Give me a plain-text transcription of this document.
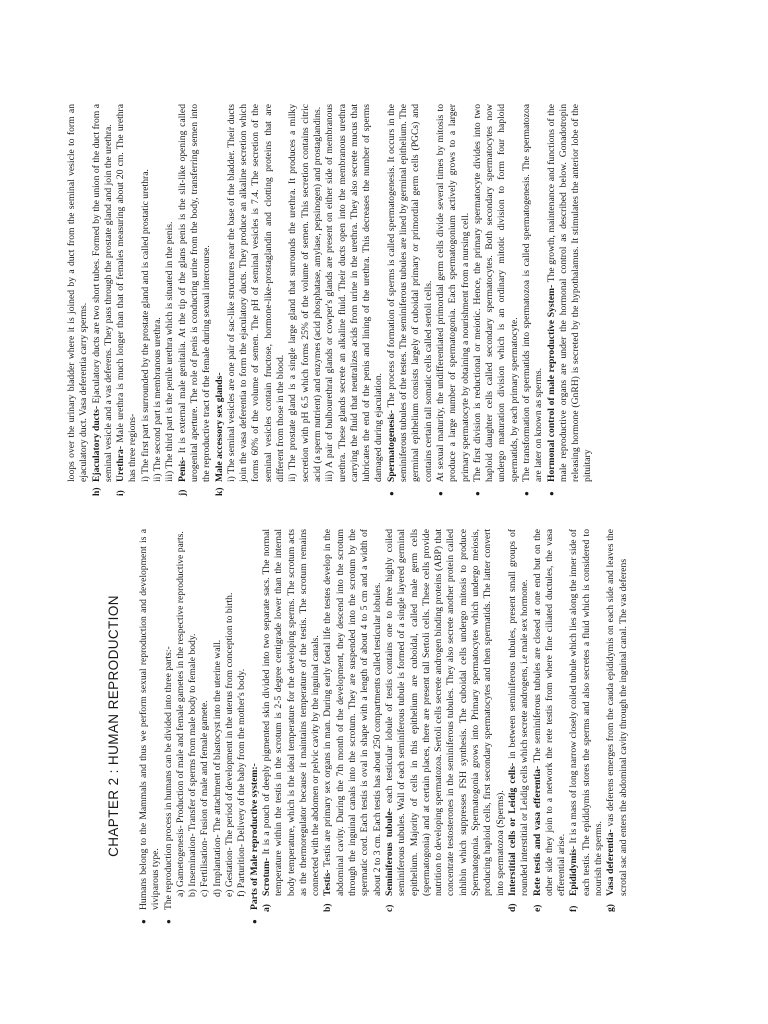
CHAPTER 2 : HUMAN REPRODUCTION ● Humans belong to the Mammals and thus we perform sexual reproduction and development is a viviparous type. ● The reproduction process in humans can be divided into three parts:- a) Gametogenesis- Production of male and female gametes in the respective reproductive parts. b) Insemination- Transfer of sperms from male body to female body. c) Fertilisation- Fusion of male and female gamete. d) Implantation- The attachment of blastocyst into the uterine wall. e) Gestation- The period of development in the uterus from conception to birth. f) Parturition- Delivery of the baby from the mother's body. ● Parts of Male reproductive system:- a)
Scrotum- It is a pouch of deeply pigmented skin divided into two separate sacs. The normal temperature within the testis in the scrotum is 2-5 degree centigrade lower than the internal body temperature, which is the ideal temperature for the developing sperms. The scrotum acts as the thermoregulator because it maintains temperature of the testis. The scrotum remains connected with the abdomen or pelvic cavity by the inguinal canals.

b)
Testis- Testis are primary sex organs in man. During early foetal life the testes develop in the abdominal cavity. During the 7th month of the development, they descend into the scrotum through the inguinal canals into the scrotum. They are suspended into the scrotum by the spermatic cord. Each testis is oval in shape with a length of about 4 to 5 cm and a width of about 2 to 3 cm. Each testis has about 250 compartments called testicular lobules.

c)
Seminiferous tubule- each testicular lobule of testis contains one to three highly coiled seminiferous tubules. Wall of each seminiferous tubule is formed of a single layered germinal epithelium. Majority of cells in this epithelium are cuboidal, called male germ cells (spermatogonia) and at certain places, there are present tall Sertoli cells. These cells provide nutrition to developing spermatozoa. Sertoli cells secrete androgen binding proteins (ABP) that concentrate testosterones in the seminiferous tubules. They also secrete another protein called inhibin which suppresses FSH synthesis. The cuboidal cells undergo mitosis to produce Spermatogonia. Spermatogonia grows into Primary spermatocytes which undergo meiosis, producing haploid cells, first secondary spermatocytes and then spermatids. The latter convert into spermatozoa (Sperms).

d)
Interstitial cells or Leidig cells- in between seminiferous tubules, present small groups of rounded interstitial or Leidig cells which secrete androgens, i.e male sex hormone.

e)
Rete testis and vasa efferentia- The seminiferous tubules are closed at one end but on the other side they join to a network the rete testis from where fine ciliated ductules, the vasa efferential arise.

f)
Epididymis- It is a mass of long narrow closely coiled tubule which lies along the inner side of each testis. The epididymis stores the sperms and also secretes a fluid which is considered to nourish the sperms.

g)
Vasa deferentia- vas deferens emerges from the cauda epididymis on each side and leaves the scrotal sac and enters the abdominal cavity through the inguinal canal. The vas deferens

loops over the urinary bladder where it is joined by a duct from the seminal vesicle to form an ejaculatory duct. Vasa deferentia carry sperms.

h)
Ejaculatory ducts- Ejaculatory ducts are two short tubes. Formed by the union of the duct from a seminal vesicle and a vas deferens. They pass through the prostate gland and join the urethra.

i)
Urethra- Male urethra is much longer than that of females measuring about 20 cm. The urethra has three regions- i) The first part is surrounded by the prostate gland and is called prostatic urethra. ii) The second part is membranous urethra. iii) The third part is the penile urethra which is situated in the penis.

j)
Penis- It is external male genitalia. At the tip of the glans penis is the slit-like opening called urogenital aperture. The role of penis is conducting urine from the body, transferring semen into the reproductive tract of the female during sexual intercourse.

k)
Male accessory sex glands- i) The seminal vesicles are one pair of sac-like structures near the base of the bladder. Their ducts join the vasa deferentia to form the ejaculatory ducts. They produce an alkaline secretion which forms 60% of the volume of semen. The pH of seminal vesicles is 7.4. The secretion of the seminal vesicles contain fructose, hormone-like-prostaglandin and clotting proteins that are different from those in the blood. ii) The prostate gland is a single large gland that surrounds the urethra. It produces a milky secretion with pH 6.5 which forms 25% of the volume of semen. This secretion contains citric acid (a sperm nutrient) and enzymes (acid phosphatase, amylase, pepsinogen) and prostaglandins. iii) A pair of bulbourethral glands or cowper's glands are present on either side of membranous urethra. These glands secrete an alkaline fluid. Their ducts open into the membranous urethra carrying the fluid that neutralizes acids from urine in the urethra. They also secrete mucus that lubricates the end of the penis and lining of the urethra. This decreases the number of sperms damaged during ejaculation. ● Spermatogenesis- The process of formation of sperms is called spermatogenesis. It occurs in the seminiferous tubules of the testes. The seminiferous tubules are lined by germinal epithelium. The germinal epithelium consists largely of cuboidal primary or primordial germ cells (PGCs) and contains certain tall somatic cells called sertoli cells. ● At sexual maturity, the undifferentiated primordial germ cells divide several times by mitosis to produce a large number of spermatogonia. Each spermatogonium actively grows to a larger primary spermatocyte by obtaining a nourishment from a nursing cell. ● The first division is reductional or meiotic. Hence, the primary spermatocyte divides into two haploid daughter cells called secondary spermatocytes. Both secondary spermatocytes now undergo maturation division which is an ordinary mitotic division to form four haploid spermatids, by each primary spermatocyte. ● The transformation of spermatids into spermatozoa is called spermatogenesis. The spermatozoa are later on known as sperms. ● Hormonal control of male reproductive System- The growth, maintenance and functions of the male reproductive organs are under the hormonal control as described below. Gonadotropin releasing hormone (GnRH) is secreted by the hypothalamus. It stimulates the anterior lobe of the pituitary
